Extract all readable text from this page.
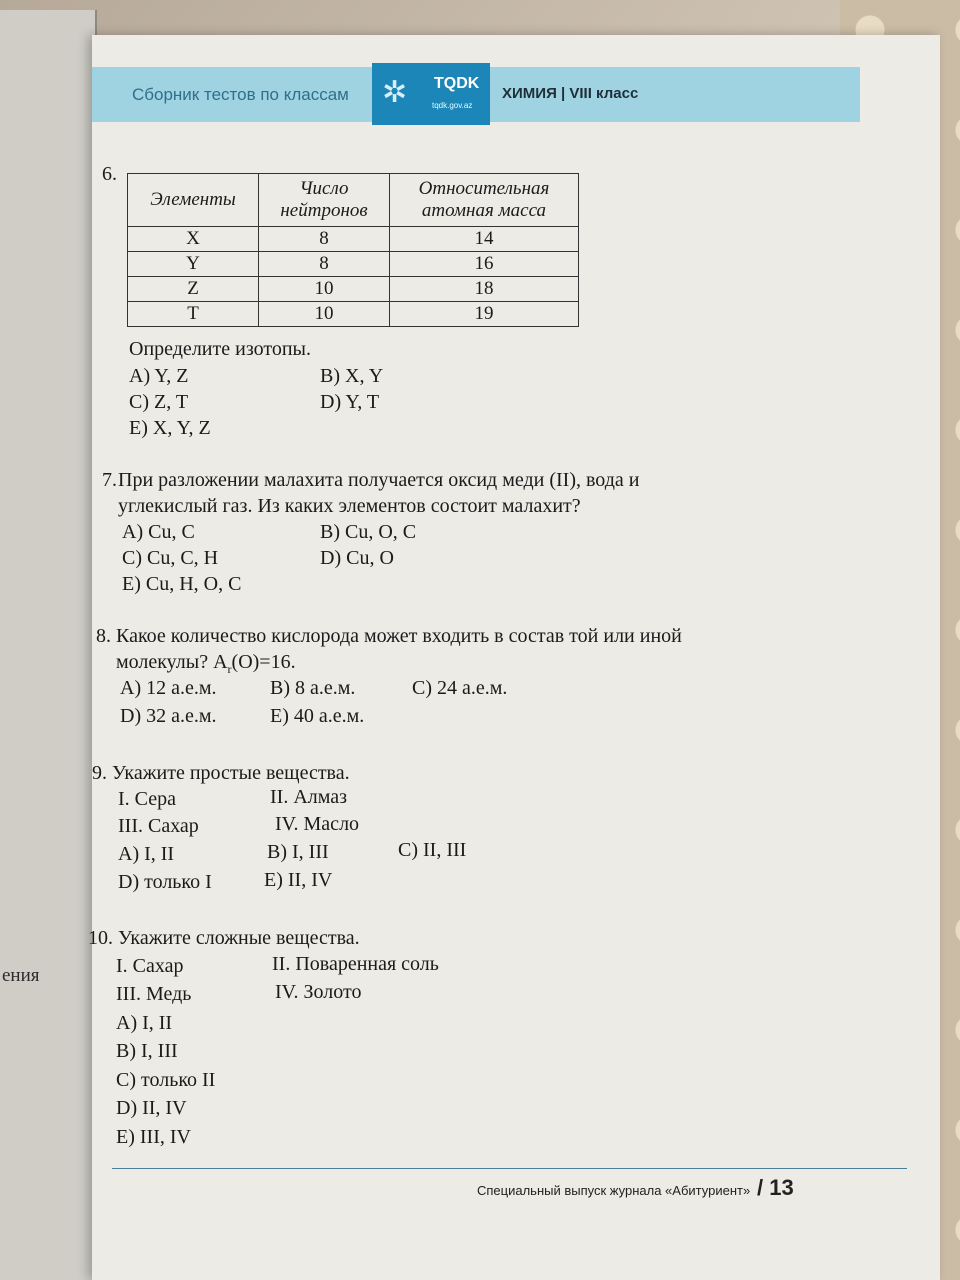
ения
Сборник тестов по классам ✲ TQDK
tqdk.gov.az
ХИМИЯ | VIII класс
6.
Элементы	Число нейтронов	Относительная атомная масса
X	8	14
Y	8	16
Z	10	18
T	10	19
Определите изотопы.
A) Y, Z	B) X, Y
C) Z, T	D) Y, T
E) X, Y, Z
7. При разложении малахита получается оксид меди (II), вода и
углекислый газ. Из каких элементов состоит малахит?
A) Cu, C	B) Cu, O, C
C) Cu, C, H	D) Cu, O
E) Cu, H, O, C
8. Какое количество кислорода может входить в состав той или иной
молекулы? $A_r(O)=16$.
A) 12 а.е.м.	B) 8 а.е.м.	C) 24 а.е.м.
D) 32 а.е.м.	E) 40 а.е.м.
9. Укажите простые вещества.
I. Сера	II. Алмаз
III. Сахар	IV. Масло
A) I, II	B) I, III	C) II, III
D) только I	E) II, IV
10. Укажите сложные вещества.
I. Сахар	II. Поваренная соль
III. Медь	IV. Золото
A) I, II
B) I, III
C) только II
D) II, IV
E) III, IV
Специальный выпуск журнала «Абитуриент» / 13
